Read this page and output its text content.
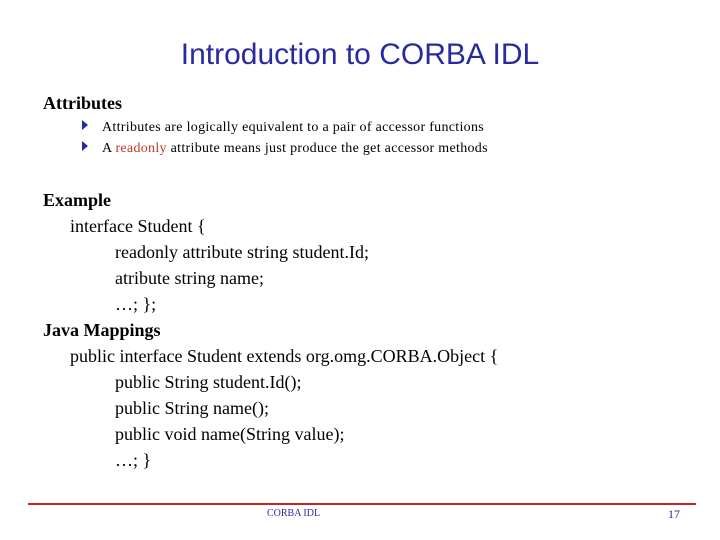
Introduction to CORBA IDL
Attributes
Attributes are logically equivalent to a pair of accessor functions
A readonly attribute means just produce the get accessor methods
Example
interface Student {
readonly attribute string student.Id;
atribute string name;
…; };
Java Mappings
public interface Student extends org.omg.CORBA.Object {
public String student.Id();
public String name();
public void name(String value);
…; }
CORBA IDL	17
